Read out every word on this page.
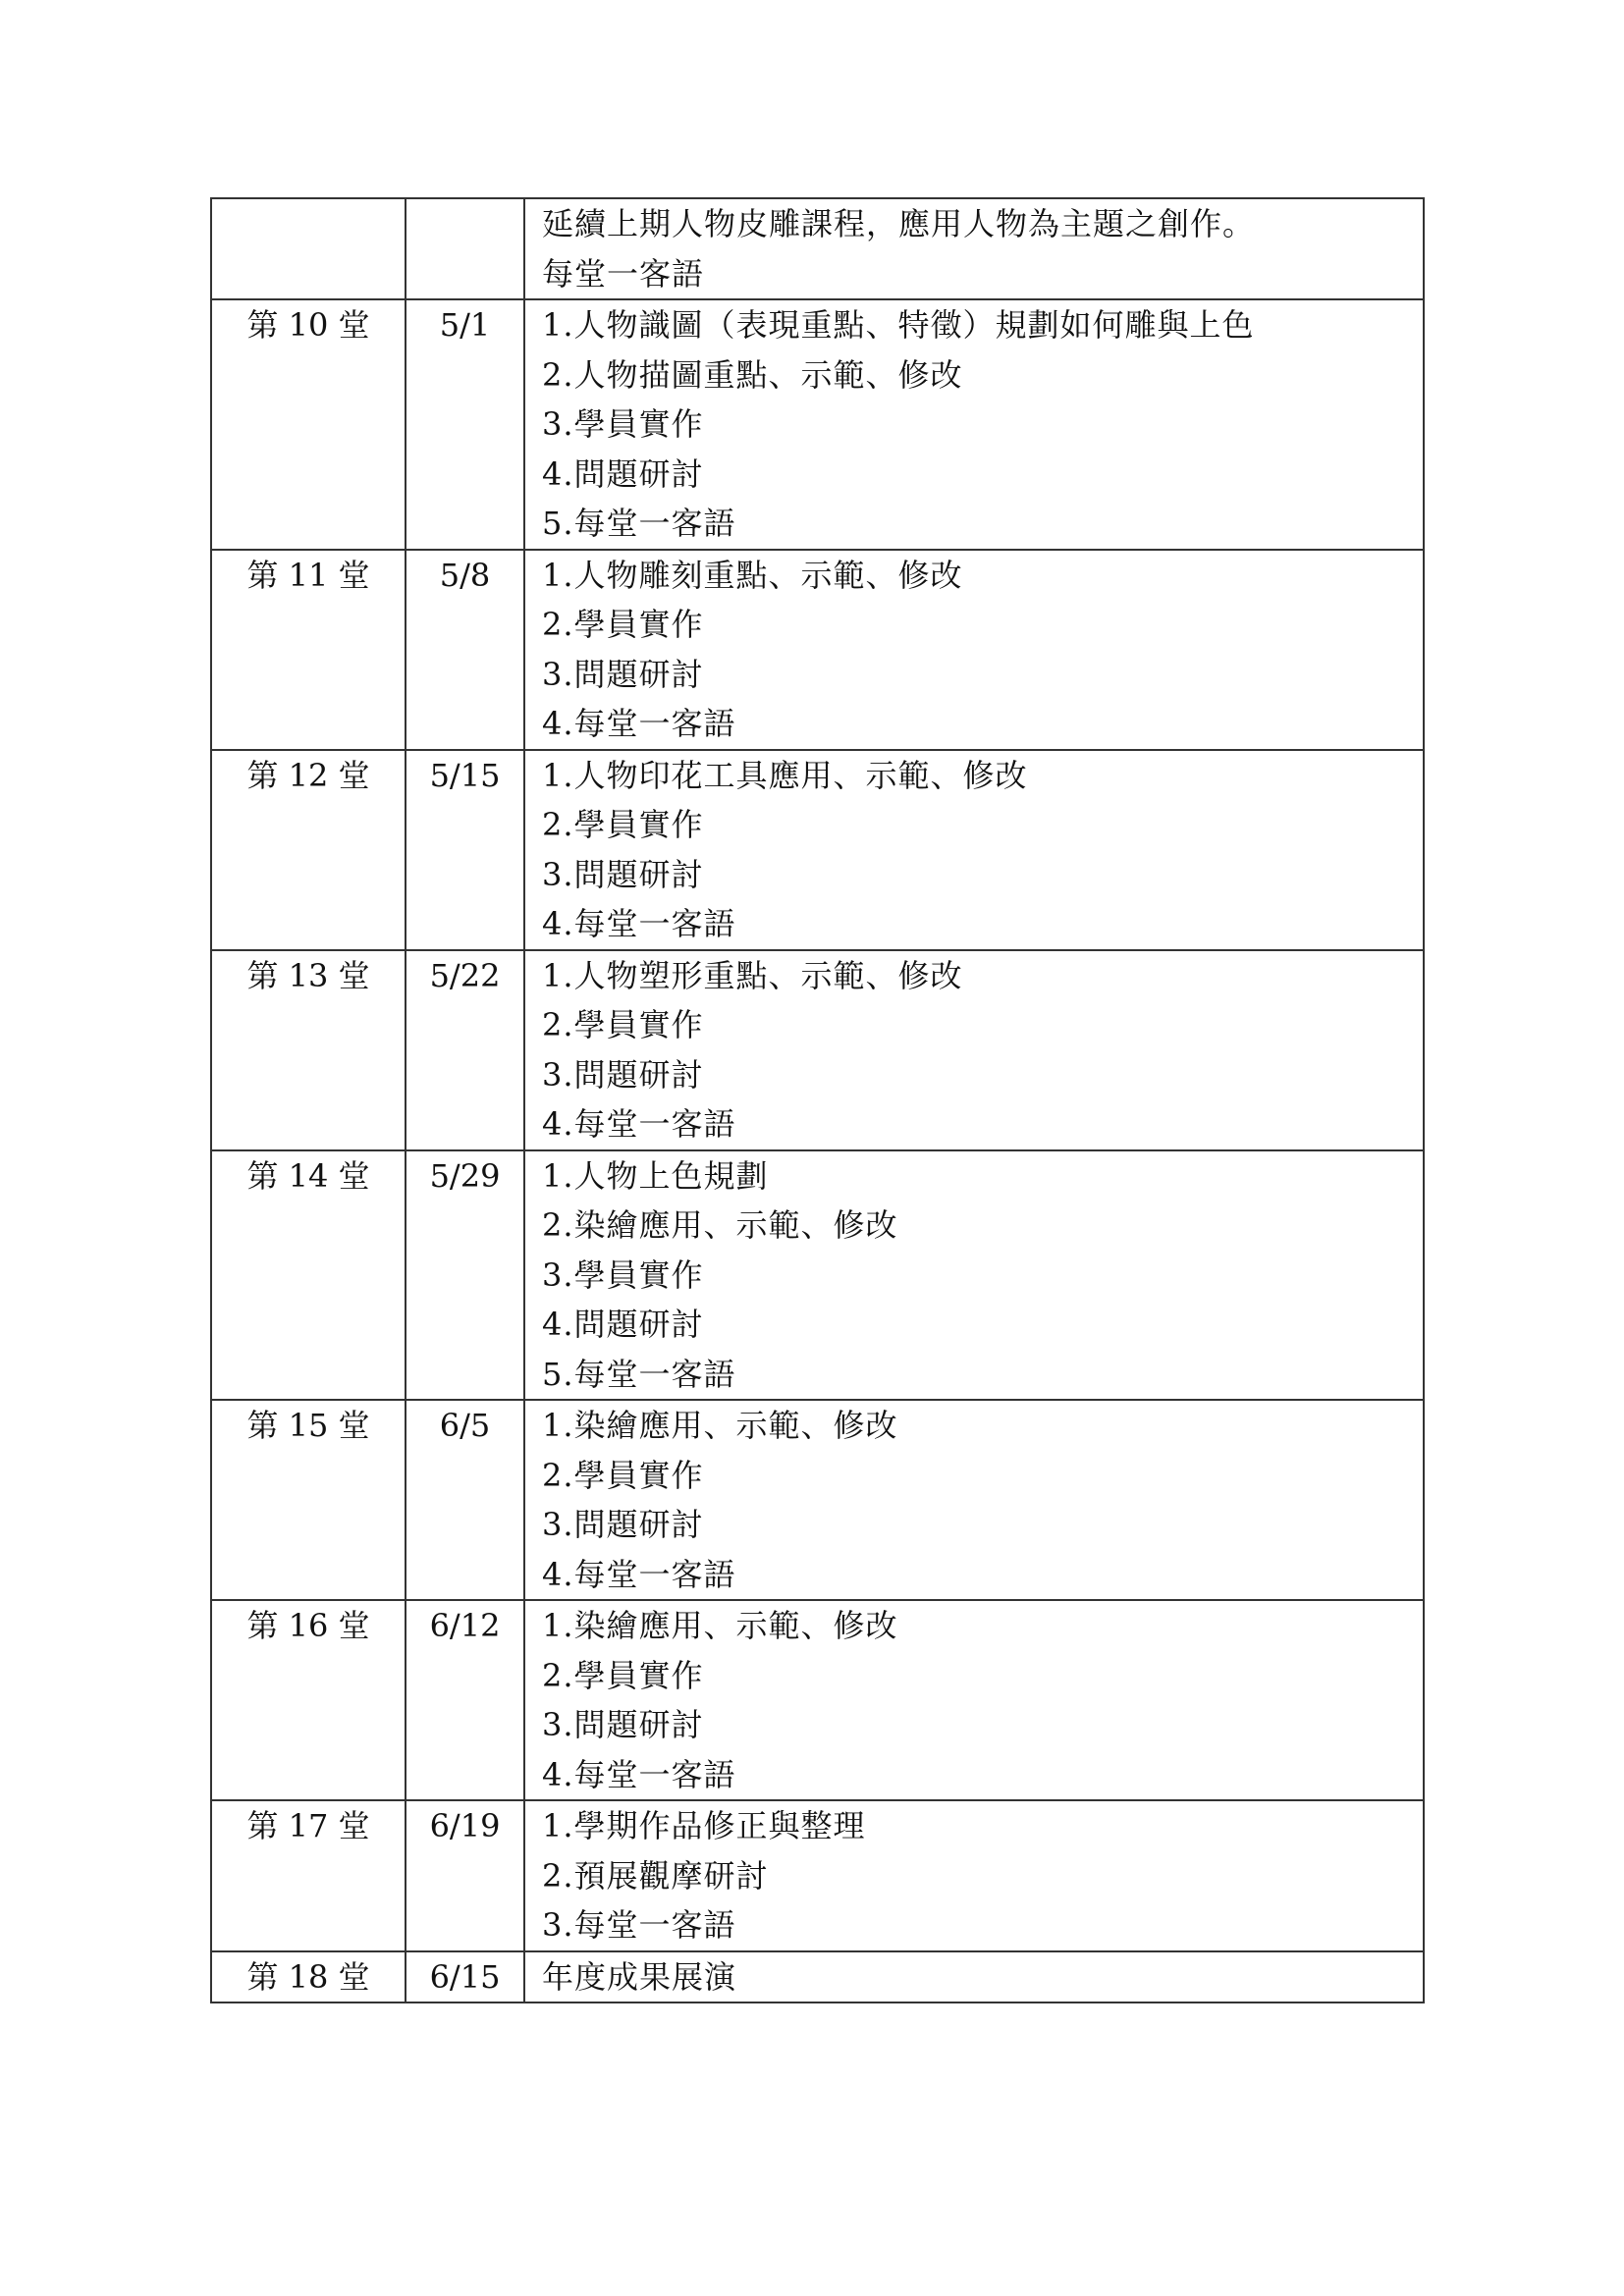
		延續上期人物皮雕課程，應用人物為主題之創作。
每堂一客語

第 10 堂	5/1	1.人物識圖（表現重點、特徵）規劃如何雕與上色
2.人物描圖重點、示範、修改
3.學員實作
4.問題研討
5.每堂一客語

第 11 堂	5/8	1.人物雕刻重點、示範、修改
2.學員實作
3.問題研討
4.每堂一客語

第 12 堂	5/15	1.人物印花工具應用、示範、修改
2.學員實作
3.問題研討
4.每堂一客語

第 13 堂	5/22	1.人物塑形重點、示範、修改
2.學員實作
3.問題研討
4.每堂一客語

第 14 堂	5/29	1.人物上色規劃
2.染繪應用、示範、修改
3.學員實作
4.問題研討
5.每堂一客語

第 15 堂	6/5	1.染繪應用、示範、修改
2.學員實作
3.問題研討
4.每堂一客語

第 16 堂	6/12	1.染繪應用、示範、修改
2.學員實作
3.問題研討
4.每堂一客語

第 17 堂	6/19	1.學期作品修正與整理
2.預展觀摩研討
3.每堂一客語

第 18 堂	6/15	年度成果展演
